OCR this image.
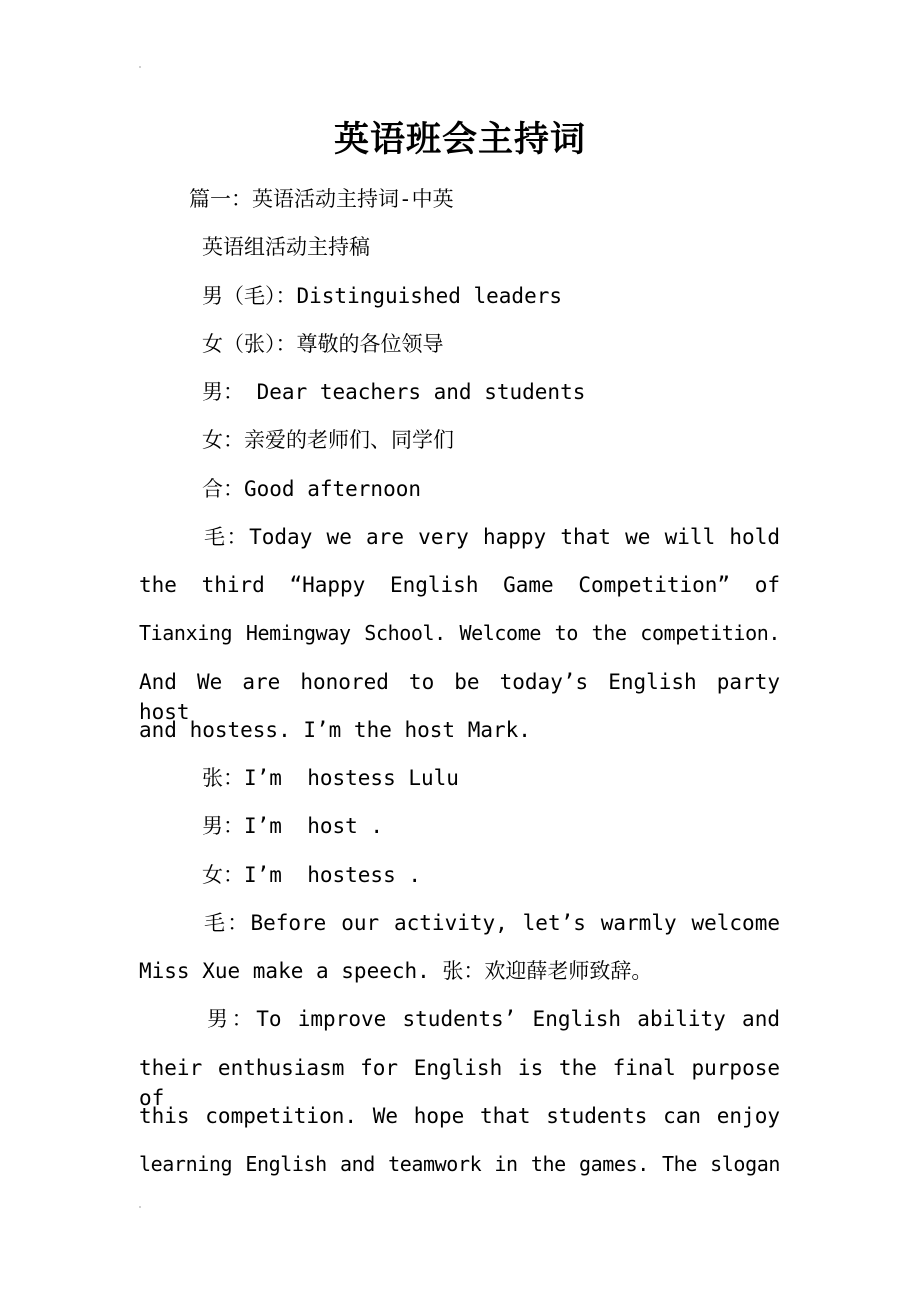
英语班会主持词

篇一：英语活动主持词-中英

英语组活动主持稿

男（毛）：Distinguished leaders

女（张）：尊敬的各位领导

男： Dear teachers and students

女：亲爱的老师们、同学们

合：Good afternoon

毛：Today we are very happy that we will hold

the third “Happy English Game Competition” of

Tianxing Hemingway School. Welcome to the competition.

And We are honored to be today’s English party host

and hostess. I’m the host Mark.

张：I’m  hostess Lulu

男：I’m  host .

女：I’m  hostess .

毛：Before our activity, let’s warmly welcome

Miss Xue make a speech. 张：欢迎薛老师致辞。

男：To improve students’ English ability and

their enthusiasm for English is the final purpose of

this competition. We hope that students can enjoy

learning English and teamwork in the games. The slogan
